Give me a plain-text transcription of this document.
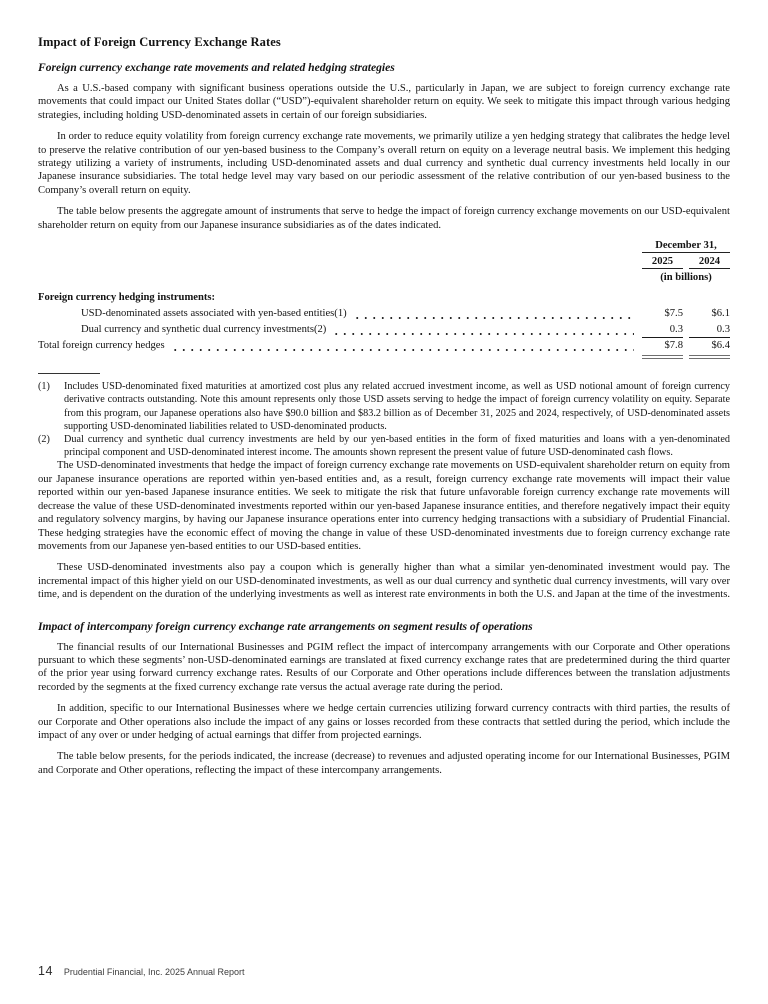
Impact of Foreign Currency Exchange Rates
Foreign currency exchange rate movements and related hedging strategies

As a U.S.-based company with significant business operations outside the U.S., particularly in Japan, we are subject to foreign currency exchange rate movements that could impact our United States dollar (“USD”)-equivalent shareholder return on equity. We seek to mitigate this impact through various hedging strategies, including holding USD-denominated assets in certain of our foreign subsidiaries.

In order to reduce equity volatility from foreign currency exchange rate movements, we primarily utilize a yen hedging strategy that calibrates the hedge level to preserve the relative contribution of our yen-based business to the Company’s overall return on equity on a leverage neutral basis. We implement this hedging strategy utilizing a variety of instruments, including USD-denominated assets and dual currency and synthetic dual currency investments held locally in our Japanese insurance subsidiaries. The total hedge level may vary based on our periodic assessment of the relative contribution of our yen-based business to the Company’s overall return on equity.

The table below presents the aggregate amount of instruments that serve to hedge the impact of foreign currency exchange movements on our USD-equivalent shareholder return on equity from our Japanese insurance subsidiaries as of the dates indicated.

December 31,
2025	2024
(in billions)
Foreign currency hedging instruments:
USD-denominated assets associated with yen-based entities(1)	$7.5	$6.1
Dual currency and synthetic dual currency investments(2)	0.3	0.3
Total foreign currency hedges	$7.8	$6.4
(1)	Includes USD-denominated fixed maturities at amortized cost plus any related accrued investment income, as well as USD notional amount of foreign currency derivative contracts outstanding. Note this amount represents only those USD assets serving to hedge the impact of foreign currency volatility on equity. Separate from this program, our Japanese operations also have $90.0 billion and $83.2 billion as of December 31, 2025 and 2024, respectively, of USD-denominated assets supporting USD-denominated liabilities related to USD-denominated products.
(2)	Dual currency and synthetic dual currency investments are held by our yen-based entities in the form of fixed maturities and loans with a yen-denominated principal component and USD-denominated interest income. The amounts shown represent the present value of future USD-denominated cash flows.

The USD-denominated investments that hedge the impact of foreign currency exchange rate movements on USD-equivalent shareholder return on equity from our Japanese insurance operations are reported within yen-based entities and, as a result, foreign currency exchange rate movements will impact their value reported within our yen-based Japanese insurance entities. We seek to mitigate the risk that future unfavorable foreign currency exchange rate movements will decrease the value of these USD-denominated investments reported within our yen-based Japanese insurance entities, and therefore negatively impact their equity and regulatory solvency margins, by having our Japanese insurance operations enter into currency hedging transactions with a subsidiary of Prudential Financial. These hedging strategies have the economic effect of moving the change in value of these USD-denominated investments due to foreign currency exchange rate movements from our Japanese yen-based entities to our USD-based entities.

These USD-denominated investments also pay a coupon which is generally higher than what a similar yen-denominated investment would pay. The incremental impact of this higher yield on our USD-denominated investments, as well as our dual currency and synthetic dual currency investments, will vary over time, and is dependent on the duration of the underlying investments as well as interest rate environments in both the U.S. and Japan at the time of the investments.

Impact of intercompany foreign currency exchange rate arrangements on segment results of operations

The financial results of our International Businesses and PGIM reflect the impact of intercompany arrangements with our Corporate and Other operations pursuant to which these segments’ non-USD-denominated earnings are translated at fixed currency exchange rates that are predetermined during the third quarter of the prior year using forward currency exchange rates. Results of our Corporate and Other operations include differences between the translation adjustments recorded by the segments at the fixed currency exchange rate versus the actual average rate during the period.

In addition, specific to our International Businesses where we hedge certain currencies utilizing forward currency contracts with third parties, the results of our Corporate and Other operations also include the impact of any gains or losses recorded from these contracts that settled during the period, which include the impact of any over or under hedging of actual earnings that differ from projected earnings.

The table below presents, for the periods indicated, the increase (decrease) to revenues and adjusted operating income for our International Businesses, PGIM and Corporate and Other operations, reflecting the impact of these intercompany arrangements.

14 Prudential Financial, Inc. 2025 Annual Report
